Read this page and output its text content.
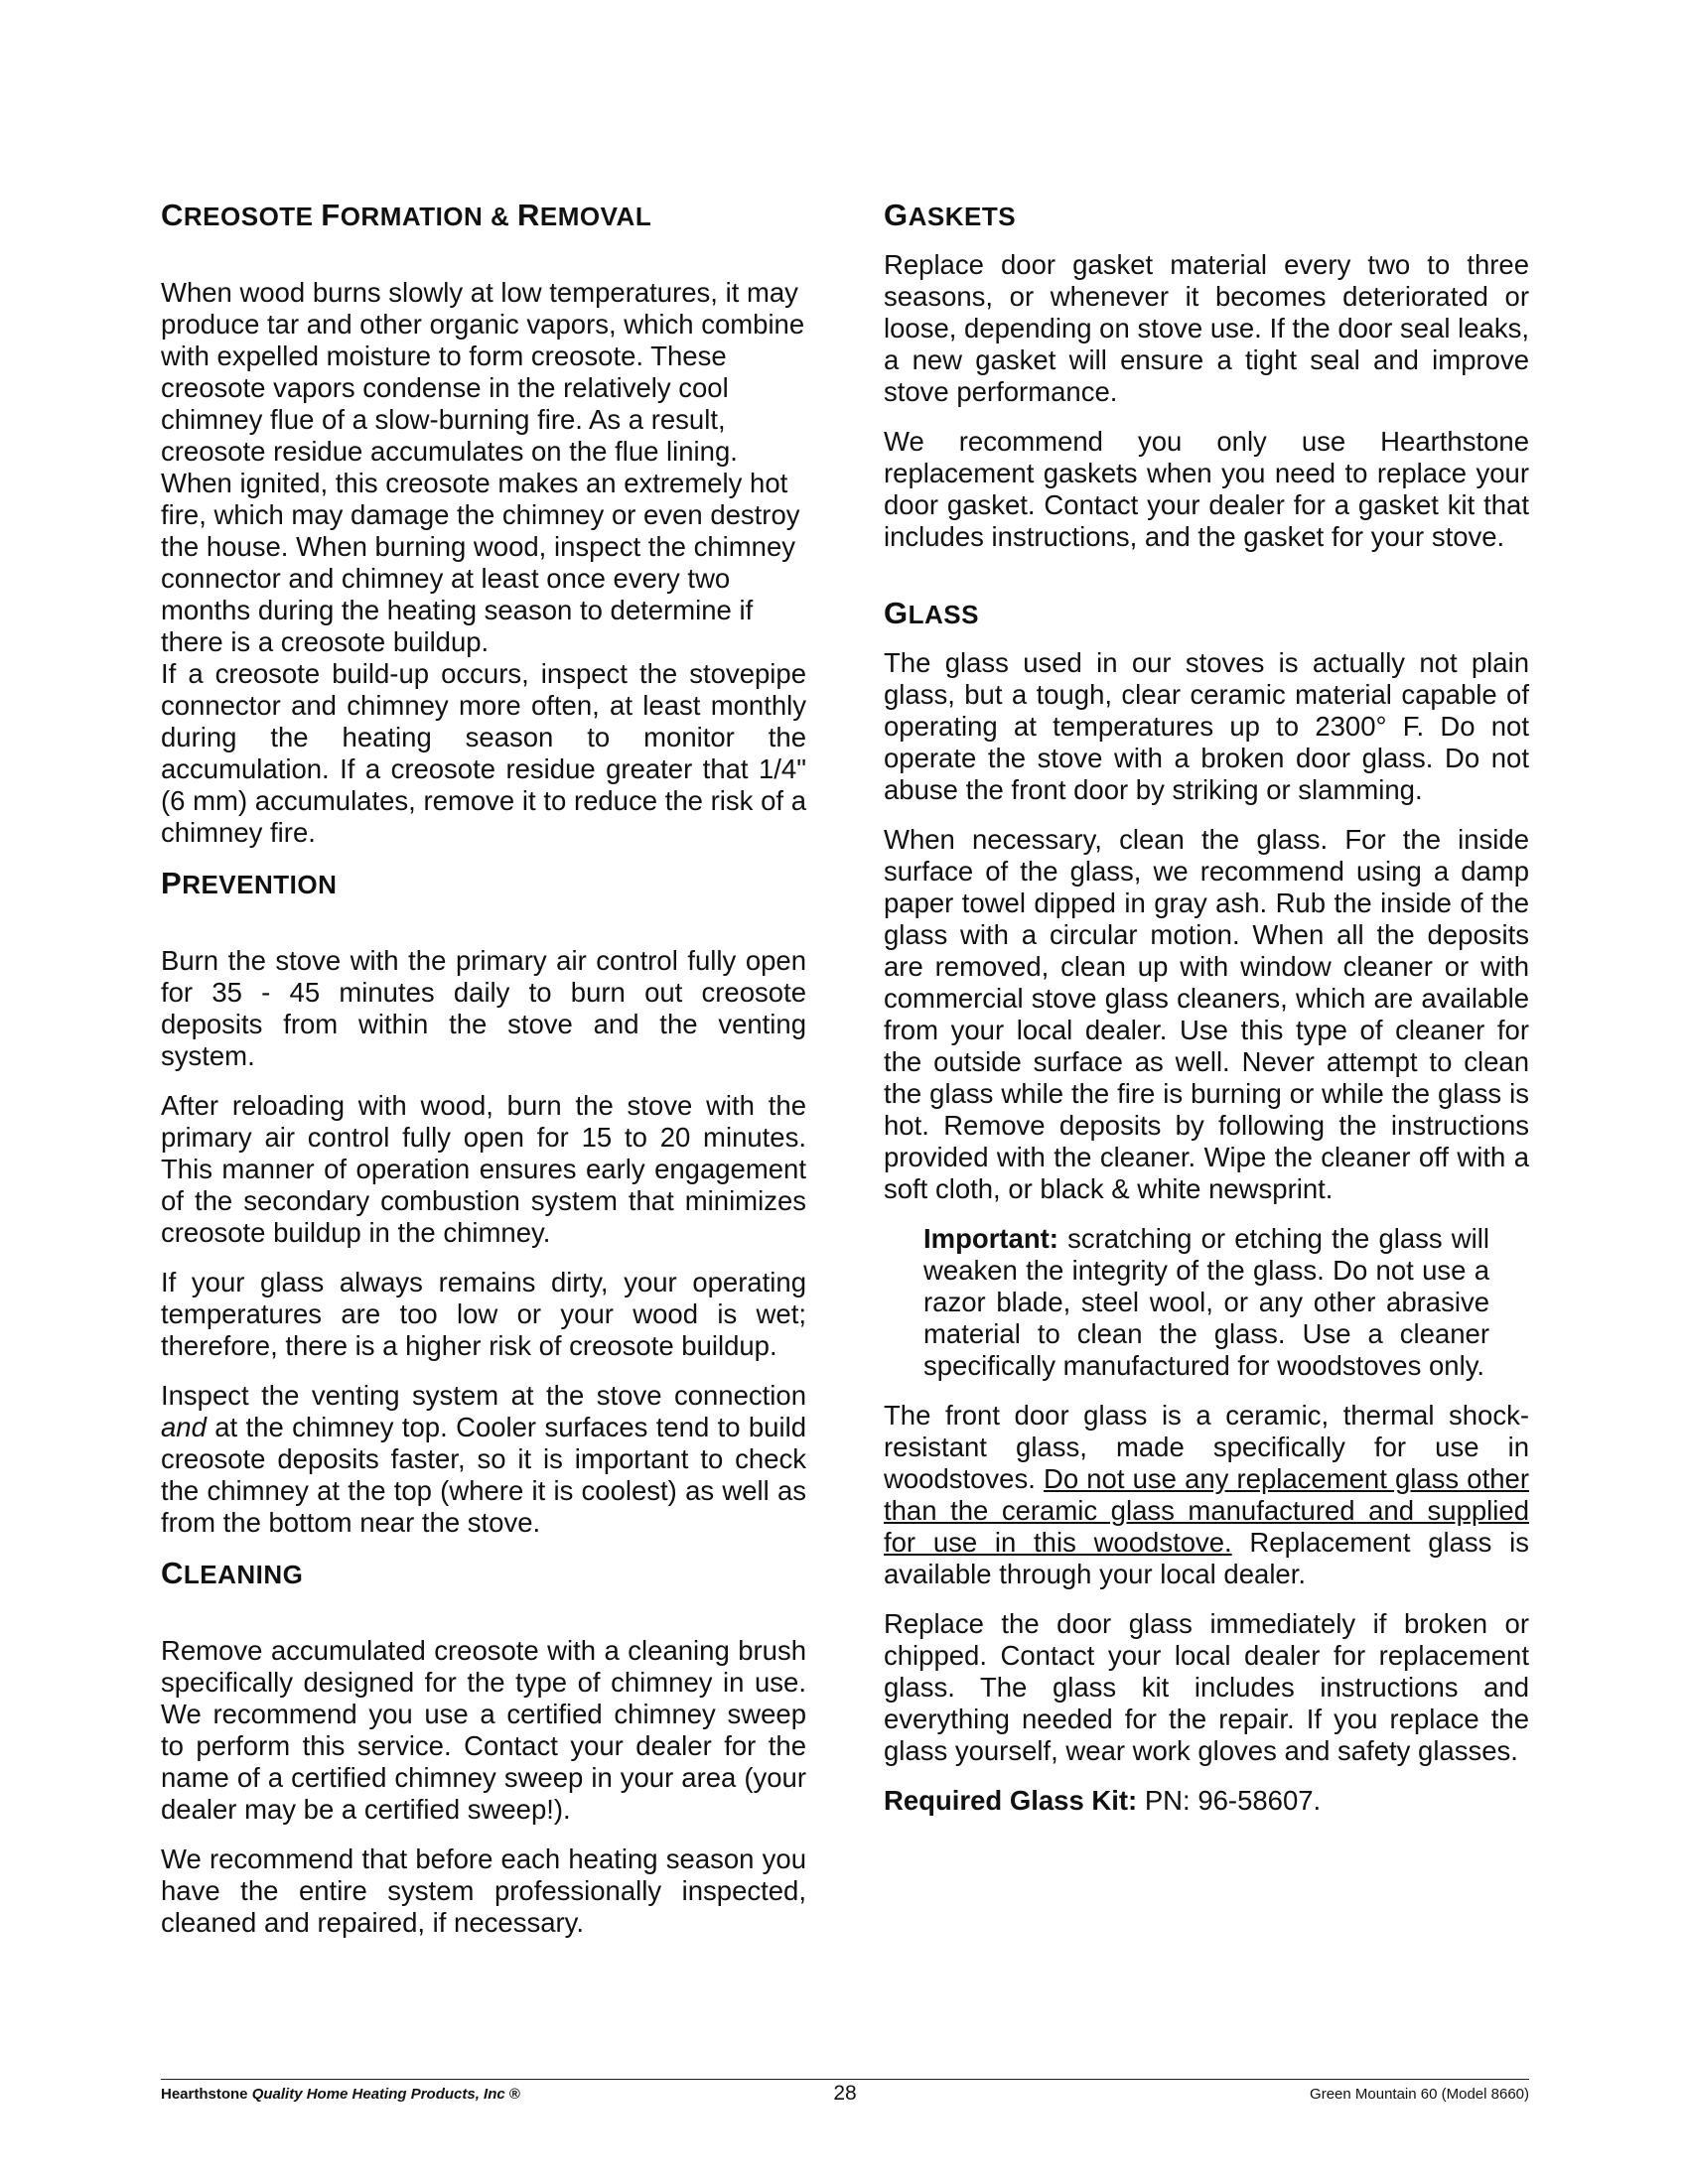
CREOSOTE FORMATION & REMOVAL

When wood burns slowly at low temperatures, it may produce tar and other organic vapors, which combine with expelled moisture to form creosote. These creosote vapors condense in the relatively cool chimney flue of a slow-burning fire. As a result, creosote residue accumulates on the flue lining. When ignited, this creosote makes an extremely hot fire, which may damage the chimney or even destroy the house. When burning wood, inspect the chimney connector and chimney at least once every two months during the heating season to determine if there is a creosote buildup.

If a creosote build-up occurs, inspect the stovepipe connector and chimney more often, at least monthly during the heating season to monitor the accumulation. If a creosote residue greater that 1/4" (6 mm) accumulates, remove it to reduce the risk of a chimney fire.

PREVENTION

Burn the stove with the primary air control fully open for 35 - 45 minutes daily to burn out creosote deposits from within the stove and the venting system.

After reloading with wood, burn the stove with the primary air control fully open for 15 to 20 minutes. This manner of operation ensures early engagement of the secondary combustion system that minimizes creosote buildup in the chimney.

If your glass always remains dirty, your operating temperatures are too low or your wood is wet; therefore, there is a higher risk of creosote buildup.

Inspect the venting system at the stove connection and at the chimney top. Cooler surfaces tend to build creosote deposits faster, so it is important to check the chimney at the top (where it is coolest) as well as from the bottom near the stove.

CLEANING

Remove accumulated creosote with a cleaning brush specifically designed for the type of chimney in use. We recommend you use a certified chimney sweep to perform this service. Contact your dealer for the name of a certified chimney sweep in your area (your dealer may be a certified sweep!).

We recommend that before each heating season you have the entire system professionally inspected, cleaned and repaired, if necessary.

GASKETS

Replace door gasket material every two to three seasons, or whenever it becomes deteriorated or loose, depending on stove use. If the door seal leaks, a new gasket will ensure a tight seal and improve stove performance.

We recommend you only use Hearthstone replacement gaskets when you need to replace your door gasket. Contact your dealer for a gasket kit that includes instructions, and the gasket for your stove.

GLASS

The glass used in our stoves is actually not plain glass, but a tough, clear ceramic material capable of operating at temperatures up to 2300° F. Do not operate the stove with a broken door glass. Do not abuse the front door by striking or slamming.

When necessary, clean the glass. For the inside surface of the glass, we recommend using a damp paper towel dipped in gray ash. Rub the inside of the glass with a circular motion. When all the deposits are removed, clean up with window cleaner or with commercial stove glass cleaners, which are available from your local dealer. Use this type of cleaner for the outside surface as well. Never attempt to clean the glass while the fire is burning or while the glass is hot. Remove deposits by following the instructions provided with the cleaner. Wipe the cleaner off with a soft cloth, or black & white newsprint.

Important: scratching or etching the glass will weaken the integrity of the glass. Do not use a razor blade, steel wool, or any other abrasive material to clean the glass. Use a cleaner specifically manufactured for woodstoves only.

The front door glass is a ceramic, thermal shock-resistant glass, made specifically for use in woodstoves. Do not use any replacement glass other than the ceramic glass manufactured and supplied for use in this woodstove. Replacement glass is available through your local dealer.

Replace the door glass immediately if broken or chipped. Contact your local dealer for replacement glass. The glass kit includes instructions and everything needed for the repair. If you replace the glass yourself, wear work gloves and safety glasses.

Required Glass Kit: PN: 96-58607.

Hearthstone Quality Home Heating Products, Inc ®	28	Green Mountain 60 (Model 8660)
